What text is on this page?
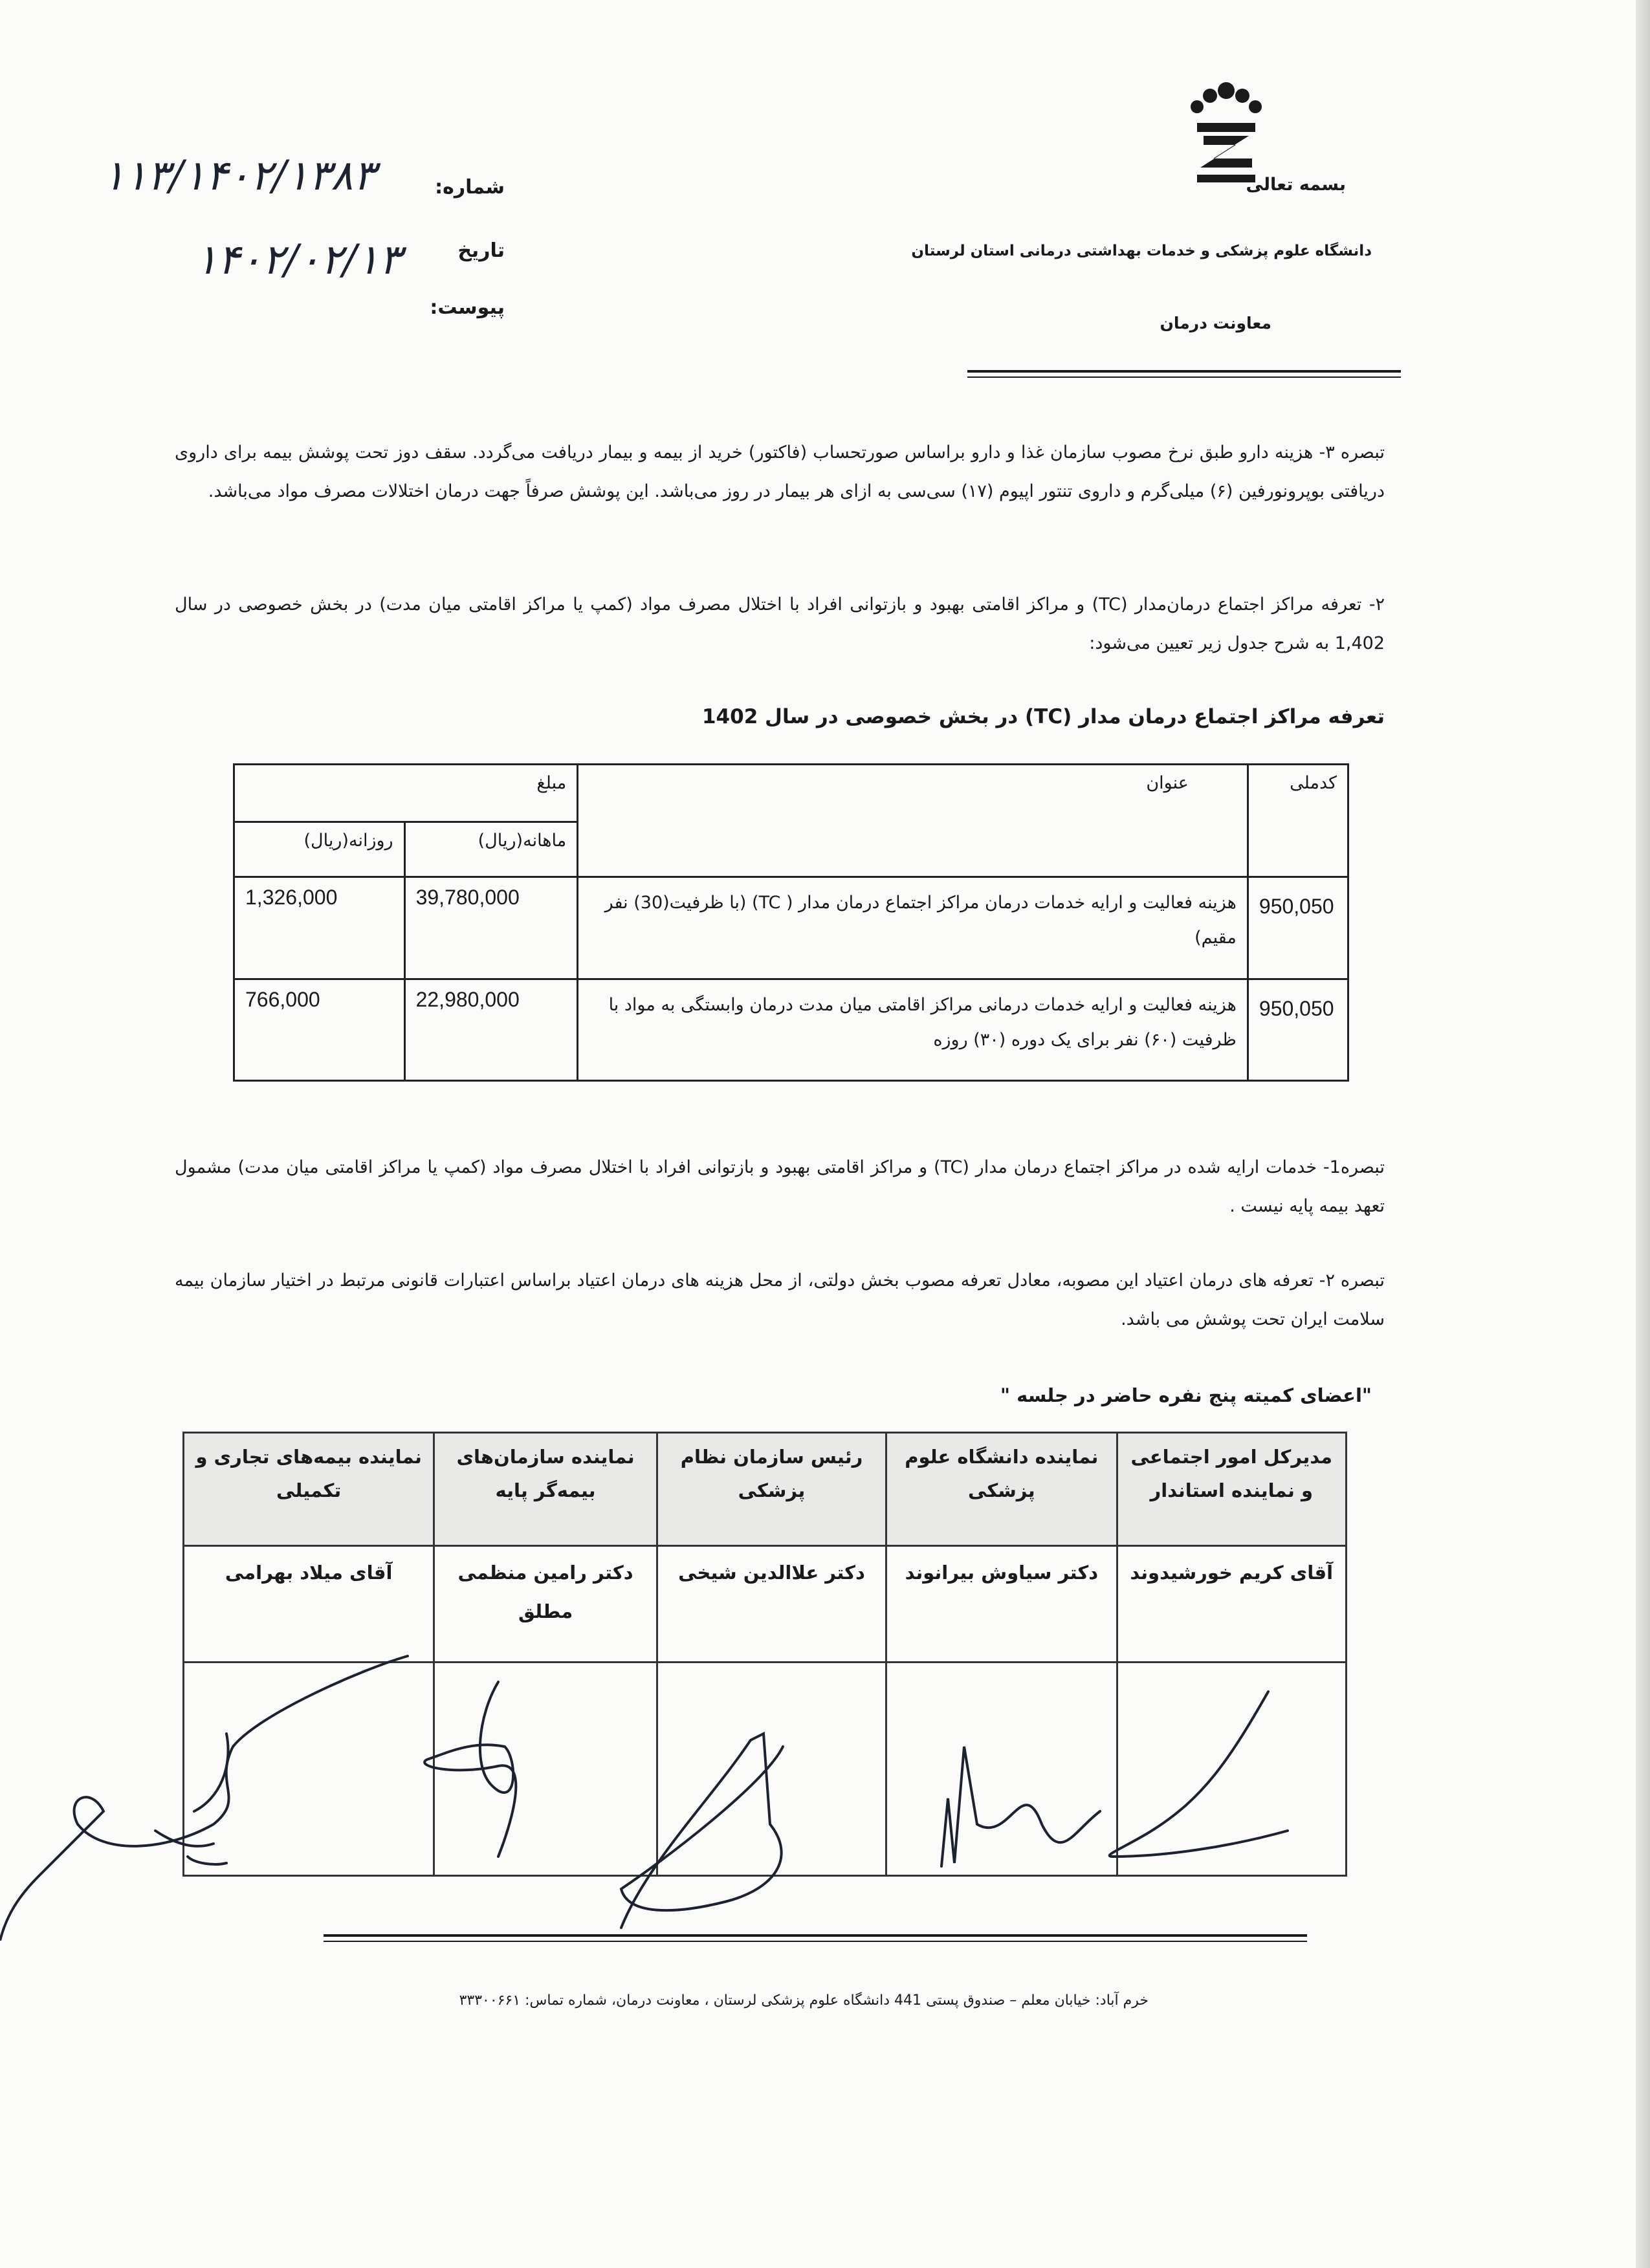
بسمه تعالی
دانشگاه علوم پزشکی و خدمات بهداشتی درمانی استان لرستان
معاونت درمان
شماره:
تاریخ
پیوست:
۱۱۳/۱۴۰۲/۱۳۸۳
۱۴۰۲/۰۲/۱۳
تبصره ۳- هزینه دارو طبق نرخ مصوب سازمان غذا و دارو براساس صورتحساب (فاکتور) خرید از بیمه و بیمار دریافت می‌گردد. سقف دوز تحت پوشش بیمه برای داروی دریافتی بوپرونورفین (۶) میلی‌گرم و داروی تنتور اپیوم (۱۷) سی‌سی به ازای هر بیمار در روز می‌باشد. این پوشش صرفاً جهت درمان اختلالات مصرف مواد می‌باشد.
۲- تعرفه مراکز اجتماع درمان‌مدار (TC) و مراکز اقامتی بهبود و بازتوانی افراد با اختلال مصرف مواد (کمپ یا مراکز اقامتی میان مدت) در بخش خصوصی در سال 1,402 به شرح جدول زیر تعیین می‌شود:
تعرفه مراکز اجتماع درمان مدار (TC) در بخش خصوصی در سال 1402
کدملی	عنوان	مبلغ	
		ماهانه(ریال)	روزانه(ریال)
950,050	هزینه فعالیت و ارایه خدمات درمان مراکز اجتماع درمان مدار ( TC) (با ظرفیت(30) نفر مقیم)	39,780,000	1,326,000
950,050	هزینه فعالیت و ارایه خدمات درمانی مراکز اقامتی میان مدت درمان وابستگی به مواد با ظرفیت (۶۰) نفر برای یک دوره (۳۰) روزه	22,980,000	766,000
تبصره1- خدمات ارایه شده در مراکز اجتماع درمان مدار (TC) و مراکز اقامتی بهبود و بازتوانی افراد با اختلال مصرف مواد (کمپ یا مراکز اقامتی میان مدت) مشمول تعهد بیمه پایه نیست .
تبصره ۲- تعرفه های درمان اعتیاد این مصوبه، معادل تعرفه مصوب بخش دولتی، از محل هزینه های درمان اعتیاد براساس اعتبارات قانونی مرتبط در اختیار سازمان بیمه سلامت ایران تحت پوشش می باشد.
"اعضای کمیته پنج نفره حاضر در جلسه "
مدیرکل امور اجتماعی و نماینده استاندار	نماینده دانشگاه علوم پزشکی	رئیس سازمان نظام پزشکی	نماینده سازمان‌های بیمه‌گر پایه	نماینده بیمه‌های تجاری و تکمیلی
آقای کریم خورشیدوند	دکتر سیاوش بیرانوند	دکتر علاالدین شیخی	دکتر رامین منظمی مطلق	آقای میلاد بهرامی

خرم آباد: خیابان معلم – صندوق پستی 441 دانشگاه علوم پزشکی لرستان ، معاونت درمان، شماره تماس: ۳۳۳۰۰۶۶۱
